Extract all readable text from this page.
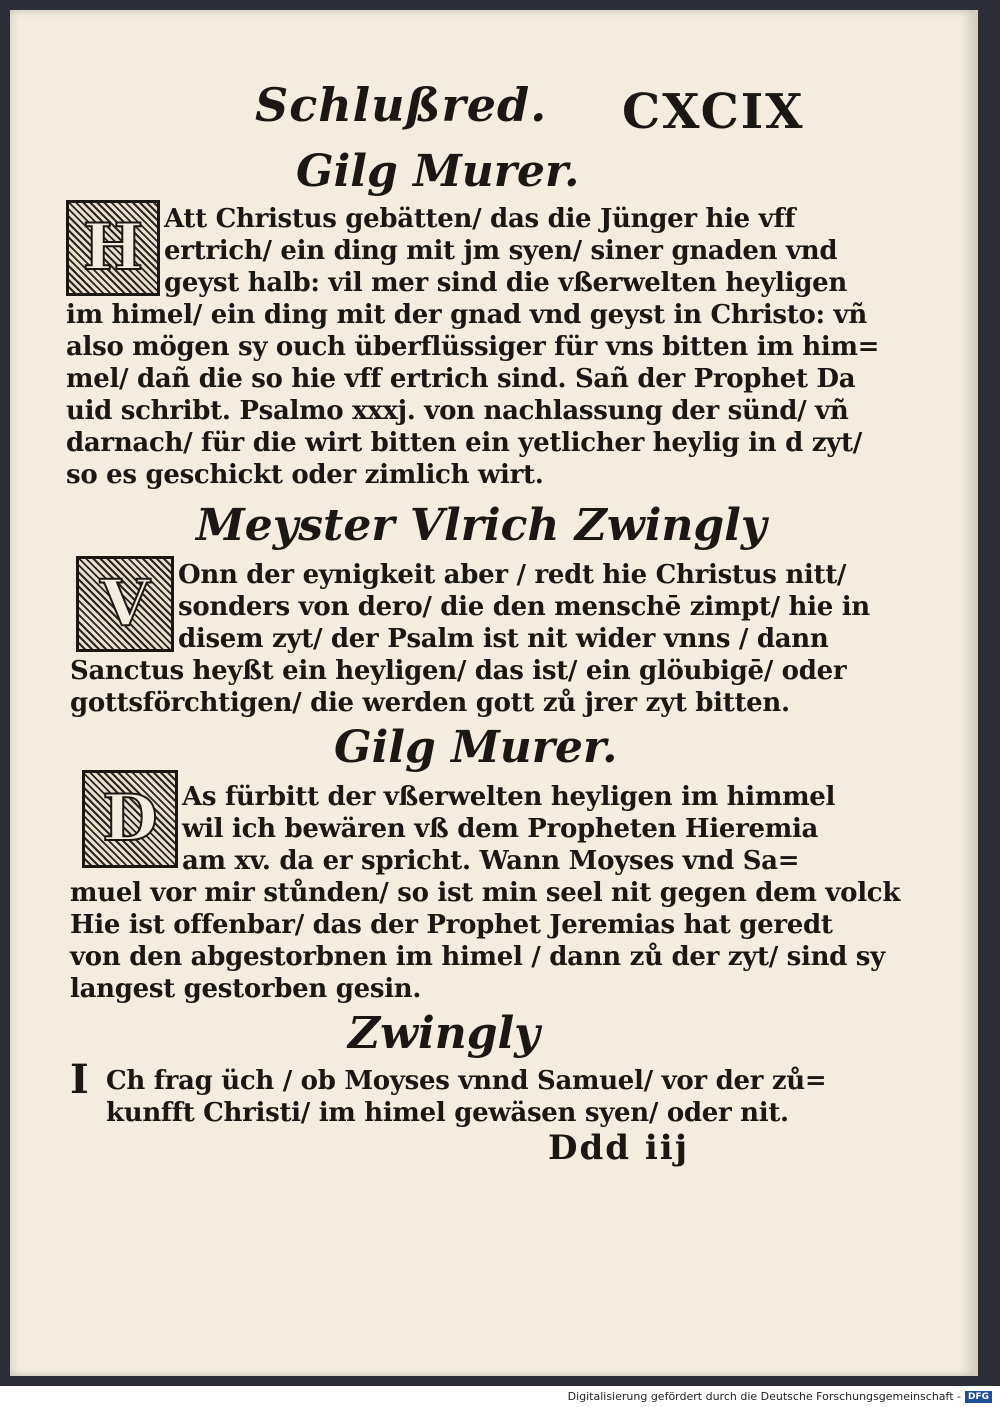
Schlußred. CXCIX
Gilg Murer.
H Att Christus gebätten/ das die Jünger hie vff
ertrich/ ein ding mit jm syen/ siner gnaden vnd
geyst halb: vil mer sind die vßerwelten heyligen
im himel/ ein ding mit der gnad vnd geyst in Christo: vñ
also mögen sy ouch überflüssiger für vns bitten im him=
mel/ dañ die so hie vff ertrich sind. Sañ der Prophet Da
uid schribt. Psalmo xxxj. von nachlassung der sünd/ vñ
darnach/ für die wirt bitten ein yetlicher heylig in d zyt/
so es geschickt oder zimlich wirt.
Meyster Vlrich Zwingly
V Onn der eynigkeit aber / redt hie Christus nitt/
sonders von dero/ die den menschē zimpt/ hie in
disem zyt/ der Psalm ist nit wider vnns / dann
Sanctus heyßt ein heyligen/ das ist/ ein glöubigē/ oder
gottsförchtigen/ die werden gott zů jrer zyt bitten.
Gilg Murer.
D As fürbitt der vßerwelten heyligen im himmel
wil ich bewären vß dem Propheten Hieremia
am xv. da er spricht. Wann Moyses vnd Sa=
muel vor mir stůnden/ so ist min seel nit gegen dem volck
Hie ist offenbar/ das der Prophet Jeremias hat geredt
von den abgestorbnen im himel / dann zů der zyt/ sind sy
langest gestorben gesin.
Zwingly
I Ch frag üch / ob Moyses vnnd Samuel/ vor der zů=
kunfft Christi/ im himel gewäsen syen/ oder nit.
Ddd iij
Digitalisierung gefördert durch die Deutsche Forschungsgemeinschaft - DFG
